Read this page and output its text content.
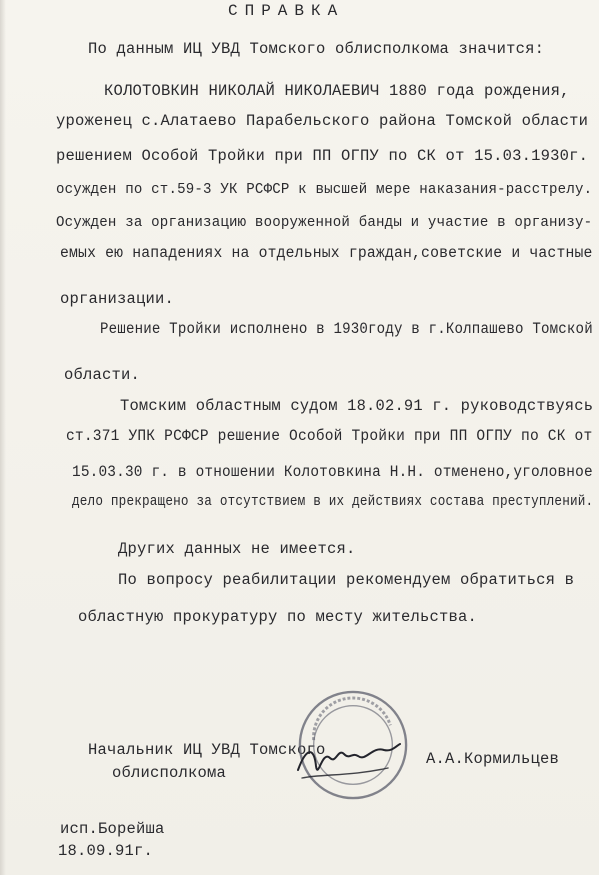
СПРАВКА
По данным ИЦ УВД Томского облисполкома значится:
КОЛОТОВКИН НИКОЛАЙ НИКОЛАЕВИЧ 1880 года рождения,
уроженец с.Алатаево Парабельского района Томской области
решением Особой Тройки при ПП ОГПУ по СК от 15.03.1930г.
осужден по ст.59-3 УК РСФСР к высшей мере наказания-расстрелу.
Осужден за организацию вооруженной банды и участие в организу-
емых ею нападениях на отдельных граждан,советские и частные
организации.
Решение Тройки исполнено в 1930году в г.Колпашево Томской
области.
Томским областным судом 18.02.91 г. руководствуясь
ст.371 УПК РСФСР решение Особой Тройки при ПП ОГПУ по СК от
15.03.30 г. в отношении Колотовкина Н.Н. отменено,уголовное
дело прекращено за отсутствием в их действиях состава преступлений.
Других данных не имеется.
По вопросу реабилитации рекомендуем обратиться в
областную прокуратуру по месту жительства.
Начальник ИЦ УВД Томского
облисполкома
А.А.Кормильцев
исп.Борейша
18.09.91г.
